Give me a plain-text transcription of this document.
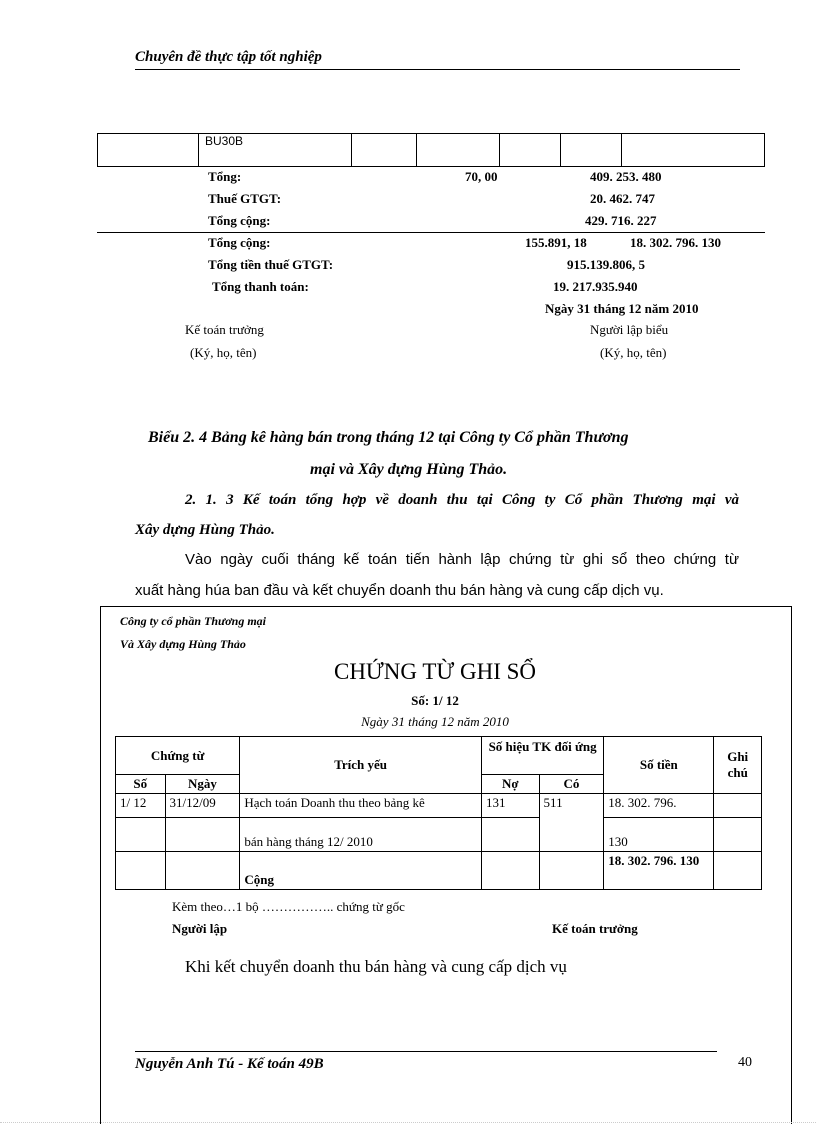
Chuyên đề thực tập tốt nghiệp
	BU30B					
Tổng:	70, 00	409. 253. 480
Thuế GTGT:	20. 462. 747
Tổng cộng:	429. 716. 227
Tổng cộng:	155.891, 18	18. 302. 796. 130
Tổng tiền thuế GTGT:	915.139.806, 5
Tổng thanh toán:	19. 217.935.940
Ngày 31 tháng 12 năm 2010
Kế toán trưởng
(Ký, họ, tên)
Người lập biểu
(Ký, họ, tên)
Biểu 2. 4 Bảng kê hàng bán trong tháng 12 tại Công ty Cổ phần Thương
mại và Xây dựng Hùng Thảo.
2. 1. 3 Kế toán tổng hợp về doanh thu tại Công ty Cổ phần Thương mại và
Xây dựng Hùng Thảo.
Vào ngày cuối tháng kế toán tiến hành lập chứng từ ghi sổ theo chứng từ
xuất hàng húa ban đầu và kết chuyển doanh thu bán hàng và cung cấp dịch vụ.
Công ty cổ phần Thương mại
Và Xây dựng Hùng Thảo
CHỨNG TỪ GHI SỔ
Số: 1/ 12
Ngày 31 tháng 12 năm 2010
Chứng từ		Trích yếu	Số hiệu TK đối ứng		Số tiền	Ghi chú
Số	Ngày		Nợ	Có		
1/ 12	31/12/09	Hạch toán Doanh thu theo bảng kê	131	511	18. 302. 796.	
		bán hàng tháng 12/ 2010			130	
		Cộng			18. 302. 796. 130	
Kèm theo…1 bộ …………….. chứng từ gốc
Người lập	Kế toán trưởng
Khi kết chuyển doanh thu bán hàng và cung cấp dịch vụ
Nguyễn Anh Tú - Kế toán 49B	40
